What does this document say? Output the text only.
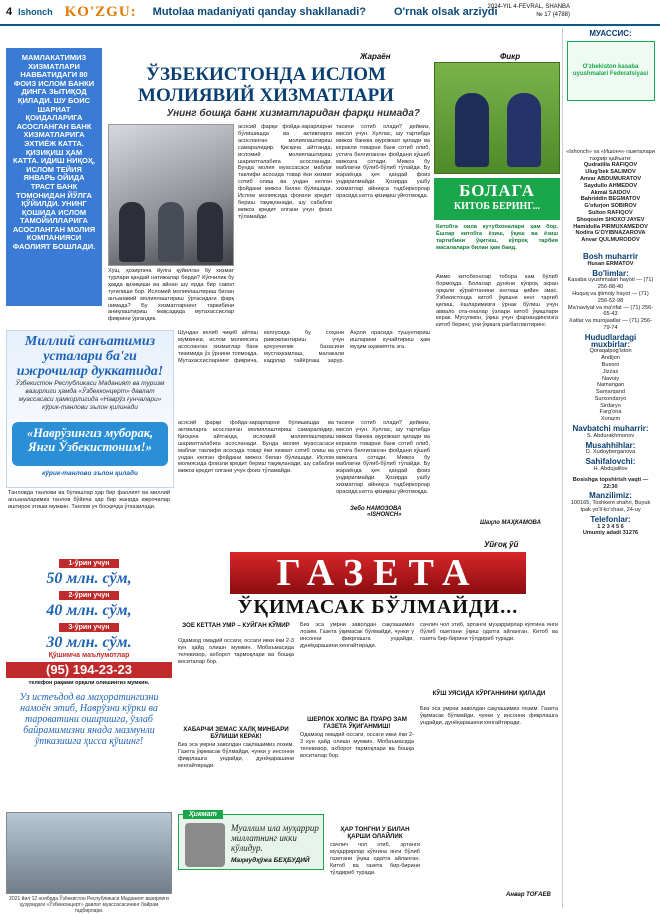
4 Ishonch KO'ZGU: Mutolaa madaniyati qanday shakllanadi?	O'rnak olsak arziydi
2024-YIL 4-FEVRAL, SHANBA
№ 17 (4788)
МАМЛАКАТИМИЗ ХИЗМАТЛАРИ НАВБАТИДАГИ 80 ФОИЗ ИСЛОМ БАНКИ ДИНГА ЗЫТИҚОД ҚИЛАДИ. ШУ БОИС ШАРИАТ ҚОИДАЛАРИГА АСОСЛАНГАН БАНК ХИЗМАТЛАРИГА ЭХТИЁЖ КАТТА. ҚИЗИҚИШ ҲАМ КАТТА. ИДИШ НИҚОҲ, ИСЛОМ ТЕЙИЯ ЯНВАРЬ ОЙИДА ТРАСТ БАНК ТОМОНИДАН ЙЎЛГА ҚЎЙИЛДИ. УНИНГ ҚОШИДА ИСЛОМ ТАМОЙИЛЛАРИГА АСОСЛАНГАН МОЛИЯ КОМПАНИЯСИ ФАОЛИЯТ БОШЛАДИ.
Жараён
ЎЗБЕКИСТОНДА ИСЛОМ МОЛИЯВИЙ ХИЗМАТЛАРИ
Унинг бошқа банк хизматларидан фарқи нимада?
Хўш, ҳозиргача йўлга қўйилган бу хизмат турлари қандай натижалар берди? Кўпчилик бу ҳақда қизиқиши ва айнан шу ерда бир савол туғилиши бор. Исломий молиялаштириш билан анъанавий молиялаштириш ўртасидаги фарқ нимада? Бу хизматларнинг таркибини аниқлаштириш мақсадида мутахассислар фикрини ўргандик.
асосий фарқи фойда-зарарларни бўлишишда ва активларга асосланган молиялаштириш самаралидир. Қисқача айтганда, исломий молиялаштириш шариатталабига асосланади. Бунда молия муассасаси маблағ таклифи асосида товар ёки хизмат сотиб олиш ва ундан келган фойдани мижоз билан бўлишади. Ислом молиясида фоизли кредит бериш тақиқланади, шу сабабли мижоз кредит олгани учун фоиз тўламайди.
тасини сотиб олади? деймиз, мисол учун. Хуллас, шу тартибда мижоз банкка мурожаат қилади ва керакли товарни банк сотиб олиб, устига белгиланган фойдани қўшиб мижозга сотади. Мижоз бу маблағни бўлиб-бўлиб тўлайди. Бу жараёнда ҳеч қандай фоиз ундирилмайди. Ҳозирда ушбу хизматлар айниқса тадбиркорлар орасида катта қизиқиш уйғотмоқда.
Шундан келиб чиқиб айтиш мумкинки, ислом молиясига асосланган хизматлар банк тизимида ўз ўрнини топмоқда. Мутахассисларнинг фикрича, келгусида бу соҳани ривожлантириш учун қонунчилик базасини мустаҳкамлаш, малакали кадрлар тайёрлаш зарур. Аҳоли орасида тушунтириш ишларини кучайтириш ҳам муҳим аҳамиятга эга.
Зебо НАМОЗОВА
«ISHONCH»
тасини сотиб олади? деймиз, мисол учун. Хуллас, шу тартибда мижоз банкка мурожаат қилади ва керакли товарни банк сотиб олиб, устига белгиланган фойдани қўшиб мижозга сотади. Мижоз бу маблағни бўлиб-бўлиб тўлайди. Бу жараёнда ҳеч қандай фоиз ундирилмайди. Ҳозирда ушбу хизматлар айниқса тадбиркорлар орасида катта қизиқиш уйғотмоқда.
асосий фарқи фойда-зарарларни бўлишишда ва активларга асосланган молиялаштириш самаралидир. Қисқача айтганда, исломий молиялаштириш шариатталабига асосланади. Бунда молия муассасаси маблағ таклифи асосида товар ёки хизмат сотиб олиш ва ундан келган фойдани мижоз билан бўлишади. Ислом молиясида фоизли кредит бериш тақиқланади, шу сабабли мижоз кредит олгани учун фоиз тўламайди.
Фикр
БОЛАГА
КИТОБ БЕРИНГ...
Китобга оила кутубхоналари ҳам бор. Ёшлар китобга ёзиш, ўқиш ва ёзиш тартибини ўқитиш, кўпроқ тарбия масалалари билан ҳам банд.
Аммо китобхонлар тобора кам бўлиб бормоқда. Болалар дунёни кўпроқ экран орқали кўраётганини англаш қийин эмас. Ўзбекистонда китоб ўқишни кенг тарғиб қилиш, ёшларимизга ўрнак бўлиш учун аввало ота-оналар ўзлари китоб ўқишлари керак. Мусулмон, ўқиш учун фарзандингизга китоб беринг, уни ўқишга рағбатлантиринг.
Шаҳло МАҲКАМОВА
МУАССИС:
O'zbekiston kasaba uyushmalari Federatsiyasi
«Ishonch» va «Ишонч» газеталари таҳрир ҳайъати:
Qudratilla RAFIQOV
Ulug'bek SALIMOV
Anvar ABDUMURATOV
Saydullo AHMEDOV
Akmal SAIDOV
Bahriddin BEGMATOV
G'ofurjon SOBIROV
Sulton RAFIQOV
Shoqosim SHOXO'JAYEV
Hamidulla PIRMUXAMEDOV
Nodira G'OYIBNAZAROVA
Anvar QULMURODOV
Bosh muharrir
Husan ERMATOV
Bo'limlar:
Kasaba uyushmalari hayoti — (71) 256-88-40
Huquq va ijtimoiy hayot — (71) 256-52-98
Ma'naviyat va ma'rifat — (71) 256-65-43
Xatlar va murojaatlar — (71) 256-79-74
Hududlardagi muxbirlar:
Qoraqalpog'iston
Andijon
Buxoro
Jizzax
Navoiy
Namangan
Samarqand
Surxondaryo
Sirdaryo
Farg'ona
Xorazm
Navbatchi muharrir:
S. Abdurakhmonov
Musahhihlar:
D. Xudoyberganova
Sahifalovchi:
H. Abdujalilov
Bosishga topshirish vaqti — 22:30
Manzilimiz:
100165, Toshkent shahri, Buyuk Ipak yo'li ko'chasi, 24-uy
Telefonlar:
1 2 3 4 5 6
Umumiy adadi 31276
Миллий санъатимиз усталари ба'ги ижрочилар дуккатида!
Ўзбекистон Республикаси Маданият ва туризм вазирлиги ҳамда «Ўзбекконцерт» давлат муассасаси ҳамкорлигида «Наврўз ғунчалари» кўрик-танлови эълон қилинади
«Наврўзингиз муборак, Янги Ўзбекистоним!»
кўрик-танлови эълон қилади
Танловда танлови ва бўлишлар ҳар бир фаолият ва миллий анъаналаримиз танлов бўйича ҳар бир жанрда ижрочилар иштирок этиши мумкин. Танлов уч босқичда ўтказилади.
1-ўрин учун
50 млн. сўм,
2-ўрин учун
40 млн. сўм,
3-ўрин учун
30 млн. сўм.
Қўшимча маълумотлар
(95) 194-23-23
телефон рақами орқали олишингиз мумкин.
Уз истеъдод ва маҳоратингизни намоён этиб, Наврўзни кўрки ва тароватини оширишга, ўзлаб байрамимизни янада мазмунли ўтказишга ҳисса қўшинг!
2021 йил 12 ноябрда Ўзбекистон Республикаси Маданият вазирлиги ҳузуридаги «Ўзбекконцерт» давлат муассасасининг байрам тадбирлари.
Уйғоқ ўй
ГАЗЕТА
ЎҚИМАСАК БЎЛМАЙДИ...
ЗОЕ КЕТТАН УМР – КУЙГАН КЎМИР
Одамзод омадий оссаги, оссаги икки ёки 2-3 кун ҳайд олишн мумкин. Мобаъмасида телевизор, ахборот тармоқлари ва бошқа воситалар бор.
ХАБАРЧИ ЗЕМАС ХАЛҚ МИНБАРИ БЎЛИШИ КЕРАК!
Биз эса умрни заволдан сақлашимиз лозим. Газета ўқимасак бўлмайди, чунки у инсонни фикрлашга ундайди, дунёқарашини кенгайтиради.
Биз эса умрни заволдан сақлашимиз лозим. Газета ўқимасак бўлмайди, чунки у инсонни фикрлашга ундайди, дунёқарашини кенгайтиради.
ШЕРЛОК ХОЛМС ВА ПУАРО ЗАМ ГАЗЕТА ЎҚИГАНМИШ!
Одамзод омадий оссаги, оссаги икки ёки 2-3 кун ҳайд олишн мумкин. Мобаъмасида телевизор, ахборот тармоқлари ва бошқа воситалар бор.
ҲАР ТОНГНИ У БИЛАН ҚАРШИ ОЛАЙЛИК
сачлич чол этиб, эртанги муҳаррирлар кўпгина янги бўлиб газетани ўқиш одатга айланган. Китоб ва газета бир-бирини тўлдириб туради.
сачлич чол этиб, эртанги муҳаррирлар кўпгина янги бўлиб газетани ўқиш одатга айланган. Китоб ва газета бир-бирини тўлдириб туради.
КЎШ УЯСИДА КЎРГАННИНИ ҚИЛАДИ
Биз эса умрни заволдан сақлашимиз лозим. Газета ўқимасак бўлмайди, чунки у инсонни фикрлашга ундайди, дунёқарашини кенгайтиради.
Анвар ТОҒАЕВ
Ҳикмат
Муаллим ила муҳаррир миллатнинг икки кўлидур.
Маҳмудҳўжа БЕҲБУДИЙ
